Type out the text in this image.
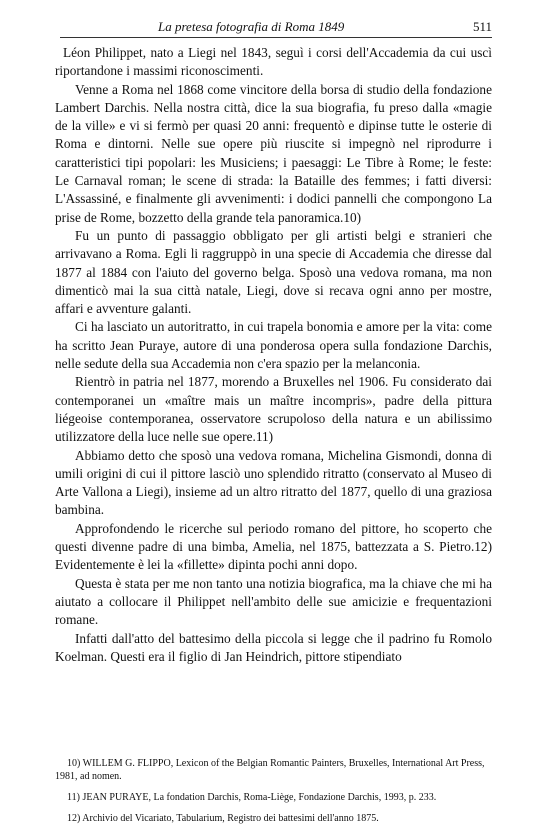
La pretesa fotografia di Roma 1849	511

Léon Philippet, nato a Liegi nel 1843, seguì i corsi dell'Accademia da cui uscì riportandone i massimi riconoscimenti.

Venne a Roma nel 1868 come vincitore della borsa di studio della fondazione Lambert Darchis. Nella nostra città, dice la sua biografia, fu preso dalla «magie de la ville» e vi si fermò per quasi 20 anni: frequentò e dipinse tutte le osterie di Roma e dintorni. Nelle sue opere più riuscite si impegnò nel riprodurre i caratteristici tipi popolari: les Musiciens; i paesaggi: Le Tibre à Rome; le feste: Le Carnaval roman; le scene di strada: la Bataille des femmes; i fatti diversi: L'Assassiné, e finalmente gli avvenimenti: i dodici pannelli che compongono La prise de Rome, bozzetto della grande tela panoramica.10)

Fu un punto di passaggio obbligato per gli artisti belgi e stranieri che arrivavano a Roma. Egli li raggruppò in una specie di Accademia che diresse dal 1877 al 1884 con l'aiuto del governo belga. Sposò una vedova romana, ma non dimenticò mai la sua città natale, Liegi, dove si recava ogni anno per mostre, affari e avventure galanti.

Ci ha lasciato un autoritratto, in cui trapela bonomia e amore per la vita: come ha scritto Jean Puraye, autore di una ponderosa opera sulla fondazione Darchis, nelle sedute della sua Accademia non c'era spazio per la melanconia.

Rientrò in patria nel 1877, morendo a Bruxelles nel 1906. Fu considerato dai contemporanei un «maître mais un maître incompris», padre della pittura liégeoise contemporanea, osservatore scrupoloso della natura e un abilissimo utilizzatore della luce nelle sue opere.11)

Abbiamo detto che sposò una vedova romana, Michelina Gismondi, donna di umili origini di cui il pittore lasciò uno splendido ritratto (conservato al Museo di Arte Vallona a Liegi), insieme ad un altro ritratto del 1877, quello di una graziosa bambina.

Approfondendo le ricerche sul periodo romano del pittore, ho scoperto che questi divenne padre di una bimba, Amelia, nel 1875, battezzata a S. Pietro.12) Evidentemente è lei la «fillette» dipinta pochi anni dopo.

Questa è stata per me non tanto una notizia biografica, ma la chiave che mi ha aiutato a collocare il Philippet nell'ambito delle sue amicizie e frequentazioni romane.

Infatti dall'atto del battesimo della piccola si legge che il padrino fu Romolo Koelman. Questi era il figlio di Jan Heindrich, pittore stipendiato

10) WILLEM G. FLIPPO, Lexicon of the Belgian Romantic Painters, Bruxelles, International Art Press, 1981, ad nomen.

11) JEAN PURAYE, La fondation Darchis, Roma-Liège, Fondazione Darchis, 1993, p. 233.

12) Archivio del Vicariato, Tabularium, Registro dei battesimi dell'anno 1875.
